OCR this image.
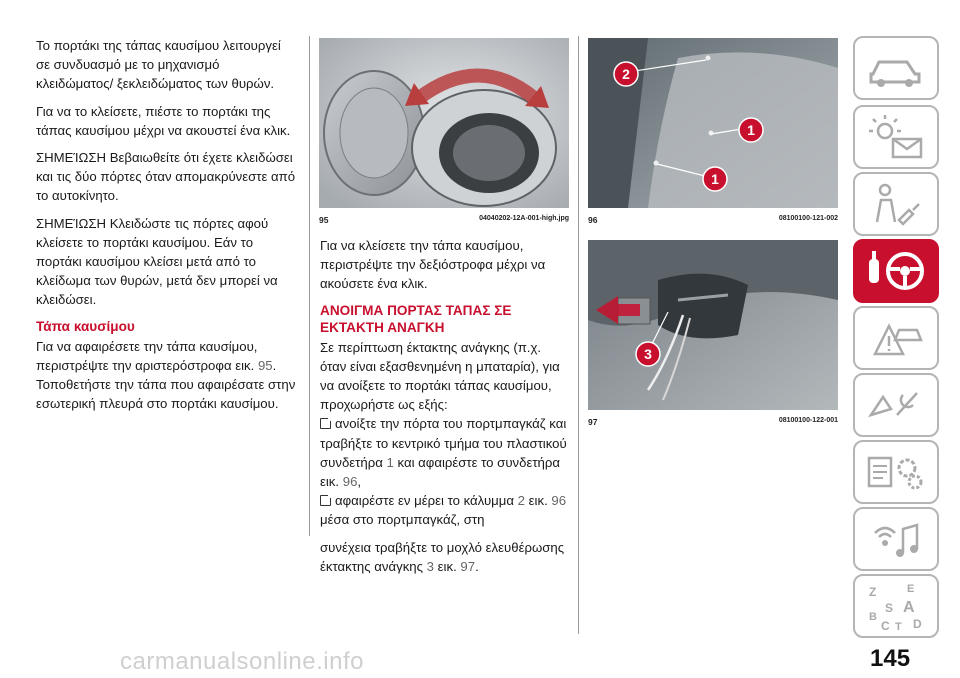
Το πορτάκι της τάπας καυσίμου λειτουργεί σε συνδυασμό με το μηχανισμό κλειδώματος/ ξεκλειδώματος των θυρών.

Για να το κλείσετε, πιέστε το πορτάκι της τάπας καυσίμου μέχρι να ακουστεί ένα κλικ.

ΣΗΜΕΊΩΣΗ Βεβαιωθείτε ότι έχετε κλειδώσει και τις δύο πόρτες όταν απομακρύνεστε από το αυτοκίνητο.

ΣΗΜΕΊΩΣΗ Κλειδώστε τις πόρτες αφού κλείσετε το πορτάκι καυσίμου. Εάν το πορτάκι καυσίμου κλείσει μετά από το κλείδωμα των θυρών, μετά δεν μπορεί να κλειδώσει.

Τάπα καυσίμου

Για να αφαιρέσετε την τάπα καυσίμου, περιστρέψτε την αριστερόστροφα εικ. 95. Τοποθετήστε την τάπα που αφαιρέσατε στην εσωτερική πλευρά στο πορτάκι καυσίμου.

95	04040202-12A-001-high.jpg

Για να κλείσετε την τάπα καυσίμου, περιστρέψτε την δεξιόστροφα μέχρι να ακούσετε ένα κλικ.

ΑΝΟΙΓΜΑ ΠΟΡΤΑΣ ΤΑΠΑΣ ΣΕ ΕΚΤΑΚΤΗ ΑΝΑΓΚΗ

Σε περίπτωση έκτακτης ανάγκης (π.χ. όταν είναι εξασθενημένη η μπαταρία), για να ανοίξετε το πορτάκι τάπας καυσίμου, προχωρήστε ως εξής:

ανοίξτε την πόρτα του πορτμπαγκάζ και τραβήξτε το κεντρικό τμήμα του πλαστικού συνδετήρα 1 και αφαιρέστε το συνδετήρα εικ. 96,

αφαιρέστε εν μέρει το κάλυμμα 2 εικ. 96 μέσα στο πορτμπαγκάζ, στη

συνέχεια τραβήξτε το μοχλό ελευθέρωσης έκτακτης ανάγκης 3 εικ. 97.

2
1
1
96	08100100-121-002
3
97	08100100-122-001
Z	E
S A
B
C T D
carmanualsonline.info	145
